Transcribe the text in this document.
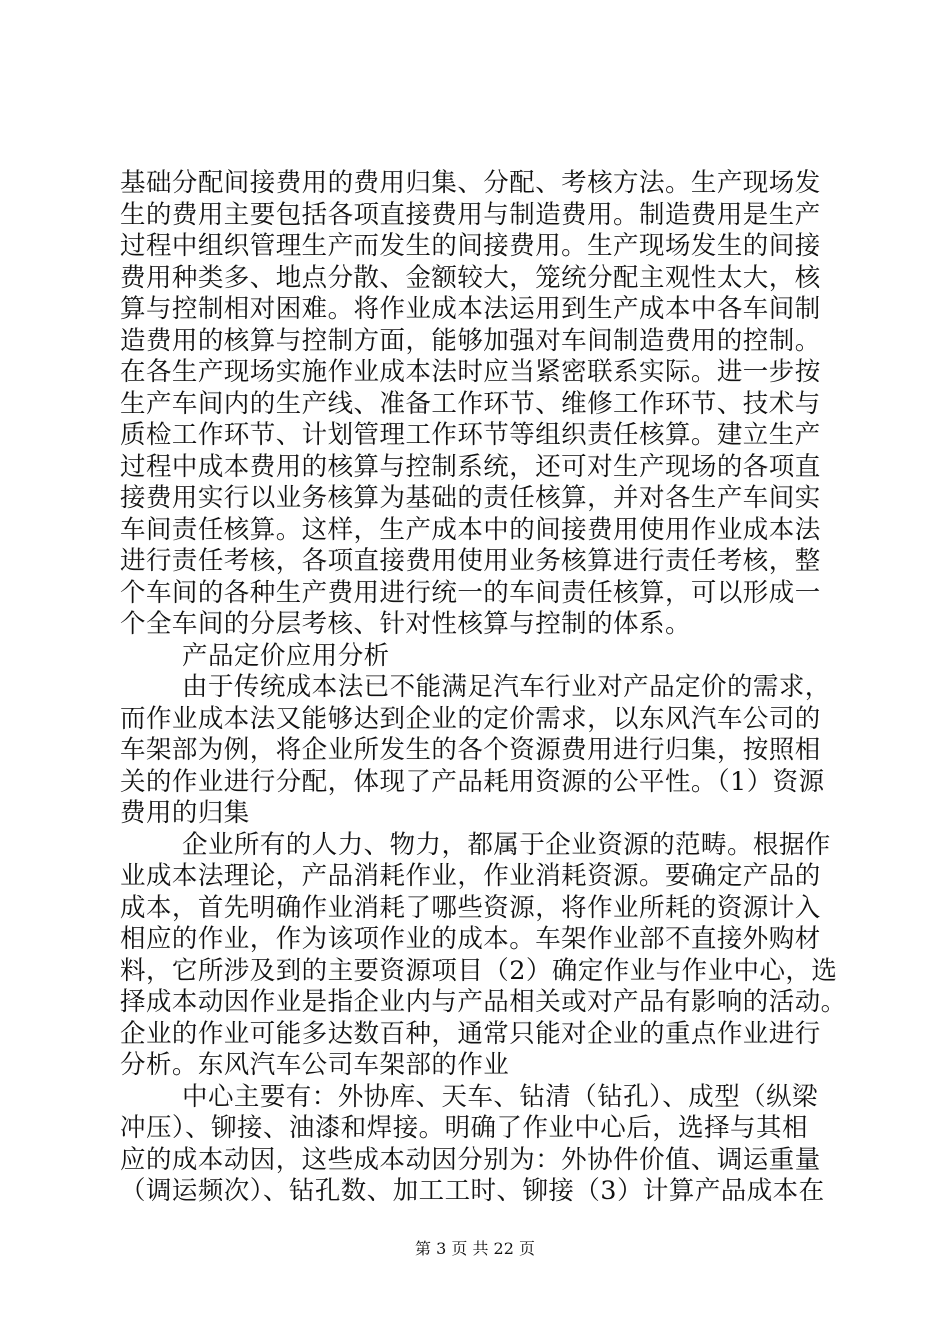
基础分配间接费用的费用归集、分配、考核方法。生产现场发
生的费用主要包括各项直接费用与制造费用。制造费用是生产
过程中组织管理生产而发生的间接费用。生产现场发生的间接
费用种类多、地点分散、金额较大，笼统分配主观性太大，核
算与控制相对困难。将作业成本法运用到生产成本中各车间制
造费用的核算与控制方面，能够加强对车间制造费用的控制。
在各生产现场实施作业成本法时应当紧密联系实际。进一步按
生产车间内的生产线、准备工作环节、维修工作环节、技术与
质检工作环节、计划管理工作环节等组织责任核算。建立生产
过程中成本费用的核算与控制系统，还可对生产现场的各项直
接费用实行以业务核算为基础的责任核算，并对各生产车间实
车间责任核算。这样，生产成本中的间接费用使用作业成本法
进行责任考核，各项直接费用使用业务核算进行责任考核，整
个车间的各种生产费用进行统一的车间责任核算，可以形成一
个全车间的分层考核、针对性核算与控制的体系。
产品定价应用分析
由于传统成本法已不能满足汽车行业对产品定价的需求，
而作业成本法又能够达到企业的定价需求，以东风汽车公司的
车架部为例，将企业所发生的各个资源费用进行归集，按照相
关的作业进行分配，体现了产品耗用资源的公平性。（1）资源
费用的归集
企业所有的人力、物力，都属于企业资源的范畴。根据作
业成本法理论，产品消耗作业，作业消耗资源。要确定产品的
成本，首先明确作业消耗了哪些资源，将作业所耗的资源计入
相应的作业，作为该项作业的成本。车架作业部不直接外购材
料，它所涉及到的主要资源项目（2）确定作业与作业中心，选
择成本动因作业是指企业内与产品相关或对产品有影响的活动。
企业的作业可能多达数百种，通常只能对企业的重点作业进行
分析。东风汽车公司车架部的作业
中心主要有：外协库、天车、钻清（钻孔）、成型（纵梁
冲压）、铆接、油漆和焊接。明确了作业中心后，选择与其相
应的成本动因，这些成本动因分别为：外协件价值、调运重量
（调运频次）、钻孔数、加工工时、铆接（3）计算产品成本在
第 3 页 共 22 页
